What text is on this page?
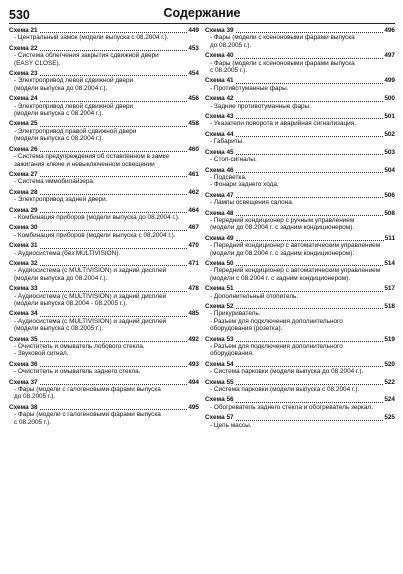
530	Содержание
Схема 21	449
- Центральный замок (модели выпуска с 08.2004 г.).
Схема 22	453
- Система облегчения закрытия сдвижной двери
(EASY CLOSE).
Схема 23	454
- Электропривод левой сдвижной двери
(модели выпуска до 08.2004 г.).
Схема 24	456
- Электропривод левой сдвижной двери
(модели выпуска с 08.2004 г.).
Схема 25	458
- Электропривод правой сдвижной двери
(модели выпуска с 08.2004 г.).
Схема 26	460
- Система предупреждения об оставленном в замке
зажигания ключе и невыключенном освещении
Схема 27	461
- Система иммобилайзера.
Схема 28	462
- Электропривод задней двери.
Схема 29	464
- Комбинация приборов (модели выпуска до 08.2004 г.).
Схема 30	467
- Комбинация приборов (модели выпуска с 08.2004 г.).
Схема 31	470
- Аудиосистема (без MULTIVISION).
Схема 32	471
- Аудиосистема (с MULTIVISION) и задний дисплей
(модели выпуска до 08.2004 г.).
Схема 33	478
- Аудиосистема (с MULTIVISION) и задний дисплей
(модели выпуска 08.2004 - 08.2005 г.).
Схема 34	485
- Аудиосистема (с MULTIVISION) и задний дисплей
(модели выпуска с 08.2005 г.).
Схема 35	492
- Очиститель и омыватель лобового стекла.
- Звуковой сигнал.
Схема 36	493
- Очиститель и омыватель заднего стекла.
Схема 37	494
- Фары (модели с галогеновыми фарами выпуска
до 08.2005 г.).
Схема 38	495
- Фары (модели с галогеновыми фарами выпуска
с 08.2005 г.).
Схема 39	496
- Фары (модели с ксеноновыми фарами выпуска
до 08.2005 г.).
Схема 40	497
- Фары (модели с ксеноновыми фарами выпуска
с 08.2005 г.).
Схема 41	499
- Противотуманные фары.
Схема 42	500
- Задние противотуманные фары.
Схема 43	501
- Указатели поворота и аварийная сигнализация.
Схема 44	502
- Габариты.
Схема 45	503
- Стоп-сигналы.
Схема 46	504
- Подсветка.
- Фонари заднего хода.
Схема 47	506
- Лампы освещения салона.
Схема 48	508
- Передний кондиционер с ручным управлением
(модели до 08.2004 г. с задним кондиционером).
Схема 49	511
- Передний кондиционер с автоматическим управлением
(модели до 08.2004 г. с задним кондиционером).
Схема 50	514
- Передний кондиционер с автоматическим управлением
(модели с 08.2004 г. с задним кондиционером).
Схема 51	517
- Дополнительный отопитель.
Схема 52	518
- Прикуриватель.
- Разъем для подключения дополнительного
оборудования (розетка).
Схема 53	519
- Разъем для подключения дополнительного
оборудования.
Схема 54	520
- Система парковки (модели выпуска до 08.2004 г.).
Схема 55	522
- Система парковки (модели выпуска с 08.2004 г.).
Схема 56	524
- Обогреватель заднего стекла и обогреватель зеркал.
Схема 57	525
- Цепь массы.
